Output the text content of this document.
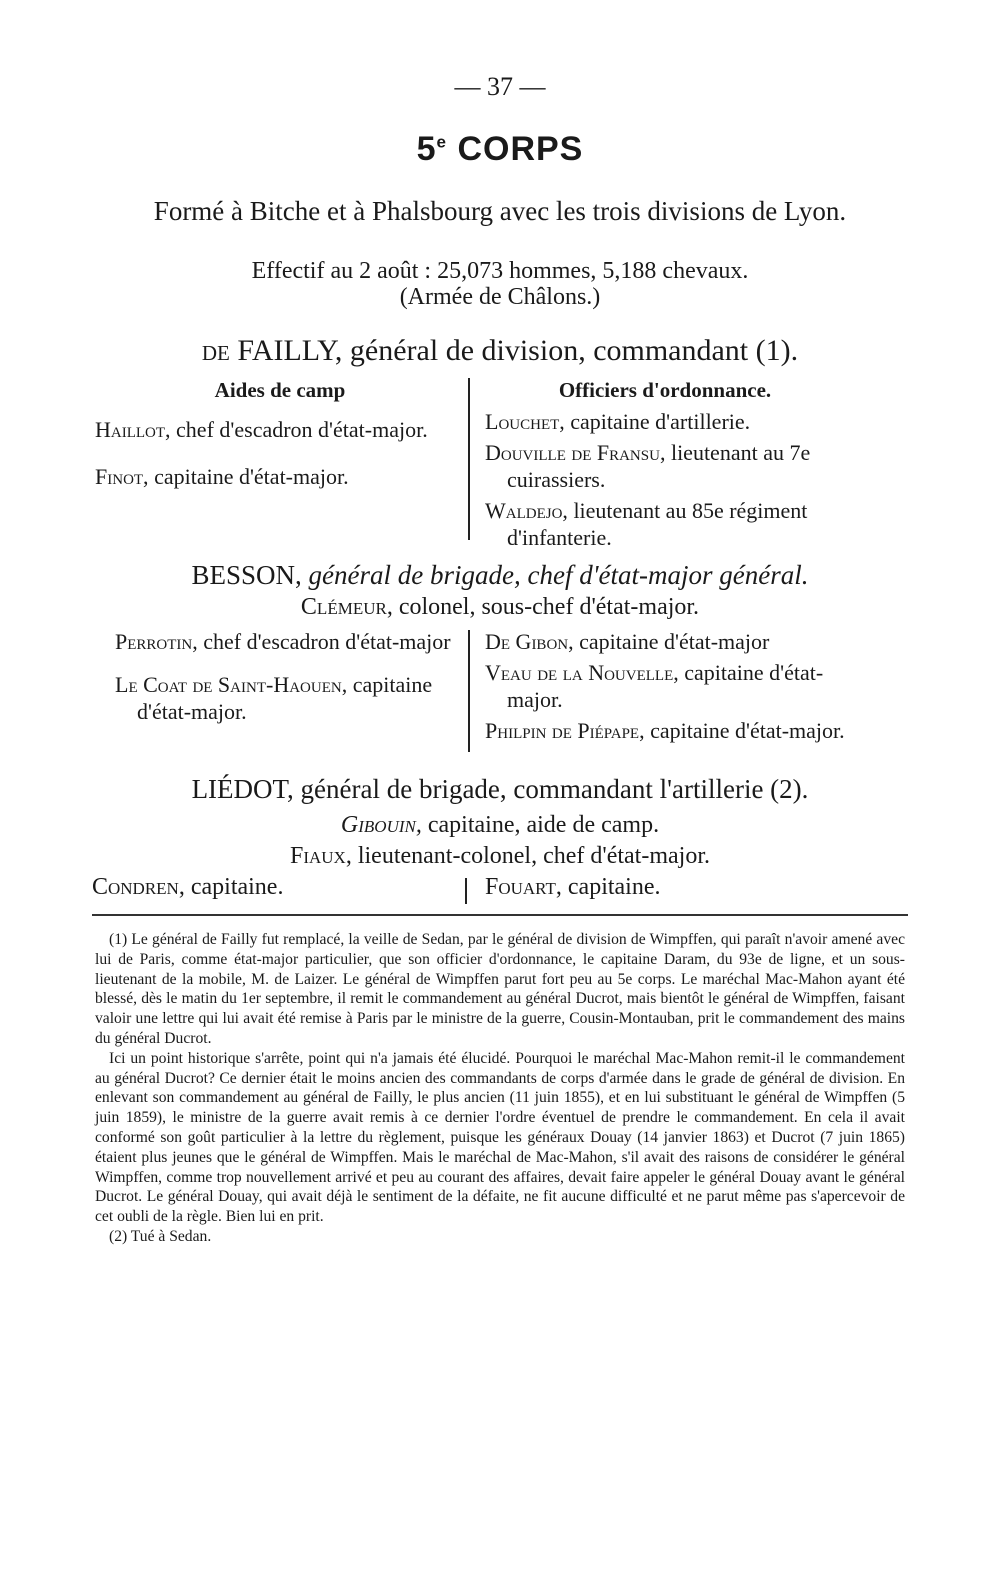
— 37 —
5e CORPS
Formé à Bitche et à Phalsbourg avec les trois divisions de Lyon.
Effectif au 2 août : 25,073 hommes, 5,188 chevaux.
(Armée de Châlons.)
de FAILLY, général de division, commandant (1).
Aides de camp	Officiers d'ordonnance.

Haillot, chef d'escadron d'état-major.

Finot, capitaine d'état-major.

Louchet, capitaine d'artillerie.

Douville de Fransu, lieutenant au 7e cuirassiers.

Waldejo, lieutenant au 85e régiment d'infanterie.

BESSON, général de brigade, chef d'état-major général.
Clémeur, colonel, sous-chef d'état-major.

Perrotin, chef d'escadron d'état-major

Le Coat de Saint-Haouen, capitaine d'état-major.

De Gibon, capitaine d'état-major

Veau de la Nouvelle, capitaine d'état-major.

Philpin de Piépape, capitaine d'état-major.

LIÉDOT, général de brigade, commandant l'artillerie (2).
Gibouin, capitaine, aide de camp.
Fiaux, lieutenant-colonel, chef d'état-major.
Condren, capitaine.	Fouart, capitaine.

(1) Le général de Failly fut remplacé, la veille de Sedan, par le général de division de Wimpffen, qui paraît n'avoir amené avec lui de Paris, comme état-major particulier, que son officier d'ordonnance, le capitaine Daram, du 93e de ligne, et un sous-lieutenant de la mobile, M. de Laizer. Le général de Wimpffen parut fort peu au 5e corps. Le maréchal Mac-Mahon ayant été blessé, dès le matin du 1er septembre, il remit le commandement au général Ducrot, mais bientôt le général de Wimpffen, faisant valoir une lettre qui lui avait été remise à Paris par le ministre de la guerre, Cousin-Montauban, prit le commandement des mains du général Ducrot.

Ici un point historique s'arrête, point qui n'a jamais été élucidé. Pourquoi le maréchal Mac-Mahon remit-il le commandement au général Ducrot? Ce dernier était le moins ancien des commandants de corps d'armée dans le grade de général de division. En enlevant son commandement au général de Failly, le plus ancien (11 juin 1855), et en lui substituant le général de Wimpffen (5 juin 1859), le ministre de la guerre avait remis à ce dernier l'ordre éventuel de prendre le commandement. En cela il avait conformé son goût particulier à la lettre du règlement, puisque les généraux Douay (14 janvier 1863) et Ducrot (7 juin 1865) étaient plus jeunes que le général de Wimpffen. Mais le maréchal de Mac-Mahon, s'il avait des raisons de considérer le général Wimpffen, comme trop nouvellement arrivé et peu au courant des affaires, devait faire appeler le général Douay avant le général Ducrot. Le général Douay, qui avait déjà le sentiment de la défaite, ne fit aucune difficulté et ne parut même pas s'apercevoir de cet oubli de la règle. Bien lui en prit.

(2) Tué à Sedan.
